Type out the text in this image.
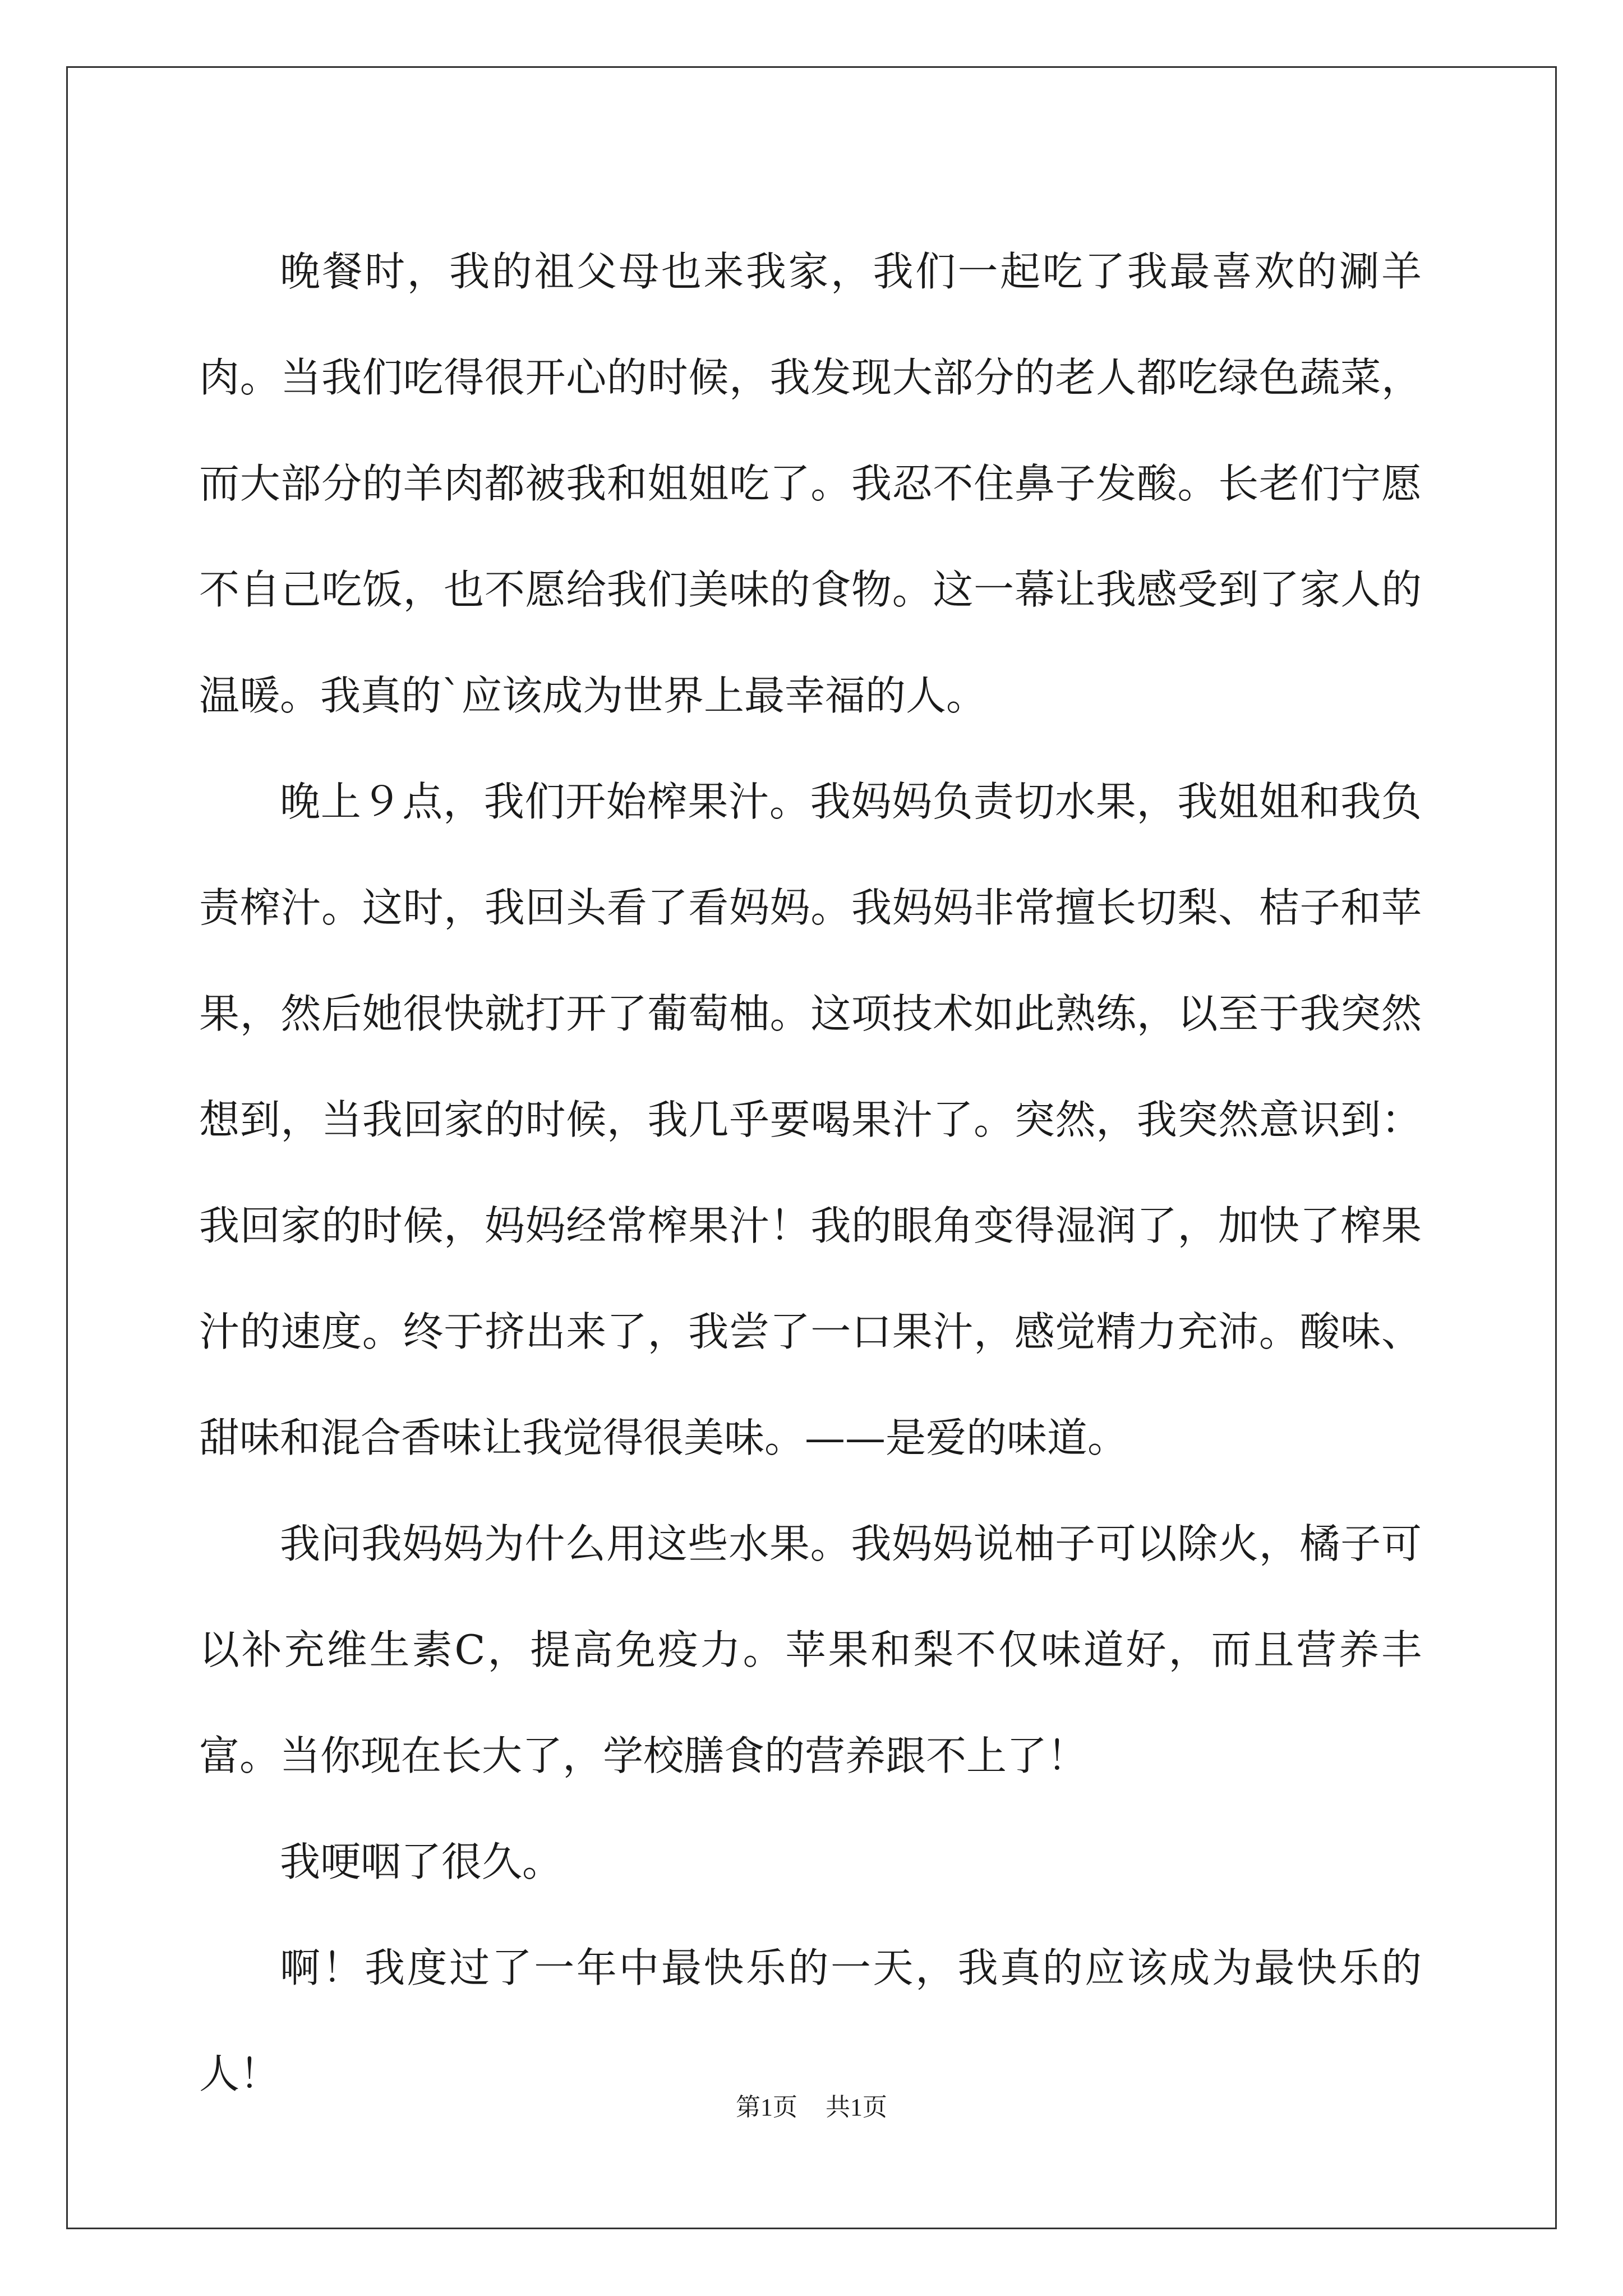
晚餐时，我的祖父母也来我家，我们一起吃了我最喜欢的涮羊肉。当我们吃得很开心的时候，我发现大部分的老人都吃绿色蔬菜，而大部分的羊肉都被我和姐姐吃了。我忍不住鼻子发酸。长老们宁愿不自己吃饭，也不愿给我们美味的食物。这一幕让我感受到了家人的温暖。我真的`应该成为世界上最幸福的人。

晚上９点，我们开始榨果汁。我妈妈负责切水果，我姐姐和我负责榨汁。这时，我回头看了看妈妈。我妈妈非常擅长切梨、桔子和苹果，然后她很快就打开了葡萄柚。这项技术如此熟练，以至于我突然想到，当我回家的时候，我几乎要喝果汁了。突然，我突然意识到：我回家的时候，妈妈经常榨果汁！我的眼角变得湿润了，加快了榨果汁的速度。终于挤出来了，我尝了一口果汁，感觉精力充沛。酸味、甜味和混合香味让我觉得很美味。——是爱的味道。

我问我妈妈为什么用这些水果。我妈妈说柚子可以除火，橘子可以补充维生素C，提高免疫力。苹果和梨不仅味道好，而且营养丰富。当你现在长大了，学校膳食的营养跟不上了！

我哽咽了很久。

啊！我度过了一年中最快乐的一天，我真的应该成为最快乐的人！

第1页 共1页
